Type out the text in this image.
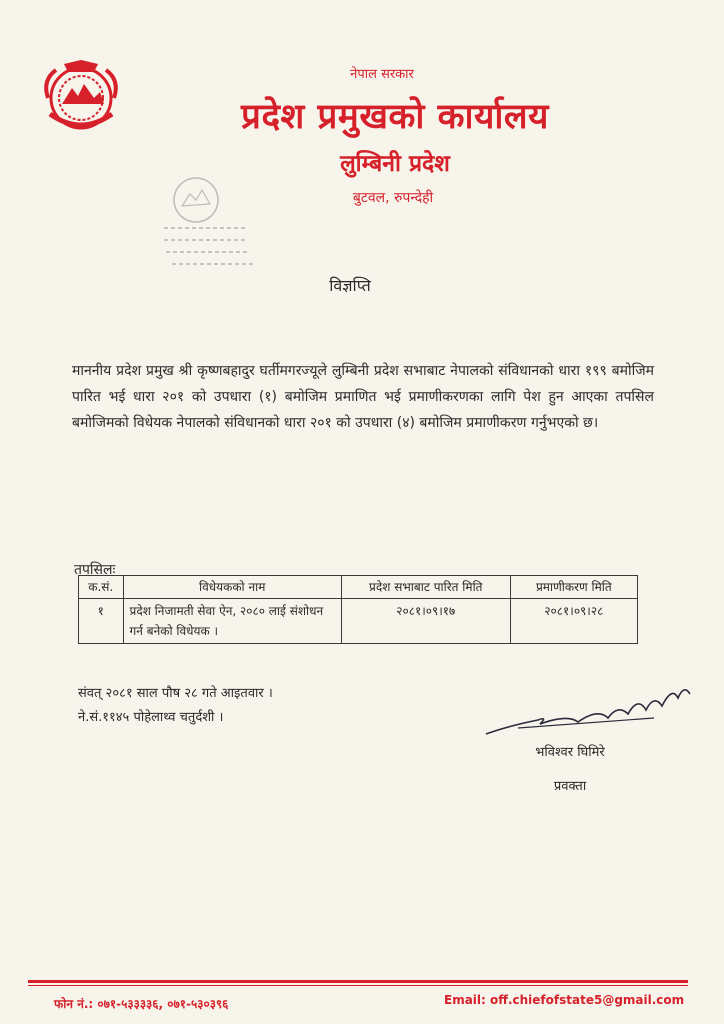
नेपाल सरकार
प्रदेश प्रमुखको कार्यालय
लुम्बिनी प्रदेश
बुटवल, रुपन्देही
विज्ञप्ति
माननीय प्रदेश प्रमुख श्री कृष्णबहादुर घर्तीमगरज्यूले लुम्बिनी प्रदेश सभाबाट नेपालको संविधानको धारा १९९ बमोजिम पारित भई धारा २०१ को उपधारा (१) बमोजिम प्रमाणित भई प्रमाणीकरणका लागि पेश हुन आएका तपसिल बमोजिमको विधेयक नेपालको संविधानको धारा २०१ को उपधारा (४) बमोजिम प्रमाणीकरण गर्नुभएको छ।
तपसिलः
क.सं.	विधेयकको नाम	प्रदेश सभाबाट पारित मिति	प्रमाणीकरण मिति
१	प्रदेश निजामती सेवा ऐन, २०८० लाई संशोधन गर्न बनेको विधेयक ।	२०८१।०९।१७	२०८१।०९।२८
संवत् २०८१ साल पौष २८ गते आइतवार ।
ने.सं.११४५ पोहेलाथ्व चतुर्दशी ।
भविश्वर घिमिरे
प्रवक्ता
फोन नं.: ०७१-५३३३३६, ०७१-५३०३९६	Email: off.chiefofstate5@gmail.com
